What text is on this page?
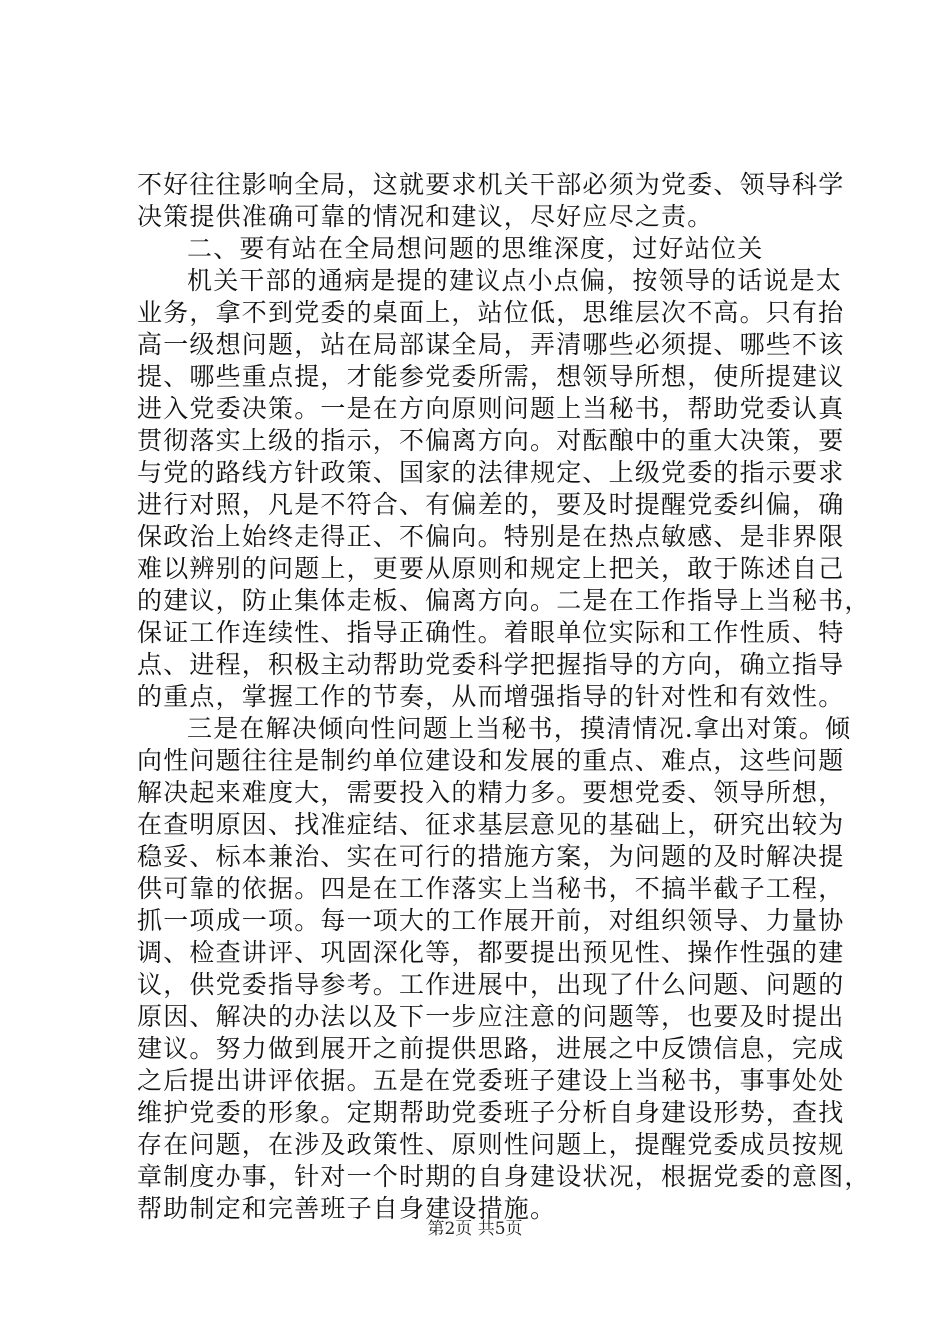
不好往往影响全局，这就要求机关干部必须为党委、领导科学
决策提供准确可靠的情况和建议，尽好应尽之责。
二、要有站在全局想问题的思维深度，过好站位关
机关干部的通病是提的建议点小点偏，按领导的话说是太
业务，拿不到党委的桌面上，站位低，思维层次不高。只有抬
高一级想问题，站在局部谋全局，弄清哪些必须提、哪些不该
提、哪些重点提，才能参党委所需，想领导所想，使所提建议
进入党委决策。一是在方向原则问题上当秘书，帮助党委认真
贯彻落实上级的指示，不偏离方向。对酝酿中的重大决策，要
与党的路线方针政策、国家的法律规定、上级党委的指示要求
进行对照，凡是不符合、有偏差的，要及时提醒党委纠偏，确
保政治上始终走得正、不偏向。特别是在热点敏感、是非界限
难以辨别的问题上，更要从原则和规定上把关，敢于陈述自己
的建议，防止集体走板、偏离方向。二是在工作指导上当秘书，
保证工作连续性、指导正确性。着眼单位实际和工作性质、特
点、进程，积极主动帮助党委科学把握指导的方向，确立指导
的重点，掌握工作的节奏，从而增强指导的针对性和有效性。
三是在解决倾向性问题上当秘书，摸清情况.拿出对策。倾
向性问题往往是制约单位建设和发展的重点、难点，这些问题
解决起来难度大，需要投入的精力多。要想党委、领导所想，
在查明原因、找准症结、征求基层意见的基础上，研究出较为
稳妥、标本兼治、实在可行的措施方案，为问题的及时解决提
供可靠的依据。四是在工作落实上当秘书，不搞半截子工程，
抓一项成一项。每一项大的工作展开前，对组织领导、力量协
调、检查讲评、巩固深化等，都要提出预见性、操作性强的建
议，供党委指导参考。工作进展中，出现了什么问题、问题的
原因、解决的办法以及下一步应注意的问题等，也要及时提出
建议。努力做到展开之前提供思路，进展之中反馈信息，完成
之后提出讲评依据。五是在党委班子建设上当秘书，事事处处
维护党委的形象。定期帮助党委班子分析自身建设形势，查找
存在问题，在涉及政策性、原则性问题上，提醒党委成员按规
章制度办事，针对一个时期的自身建设状况，根据党委的意图，
帮助制定和完善班子自身建设措施。
第2页 共5页
